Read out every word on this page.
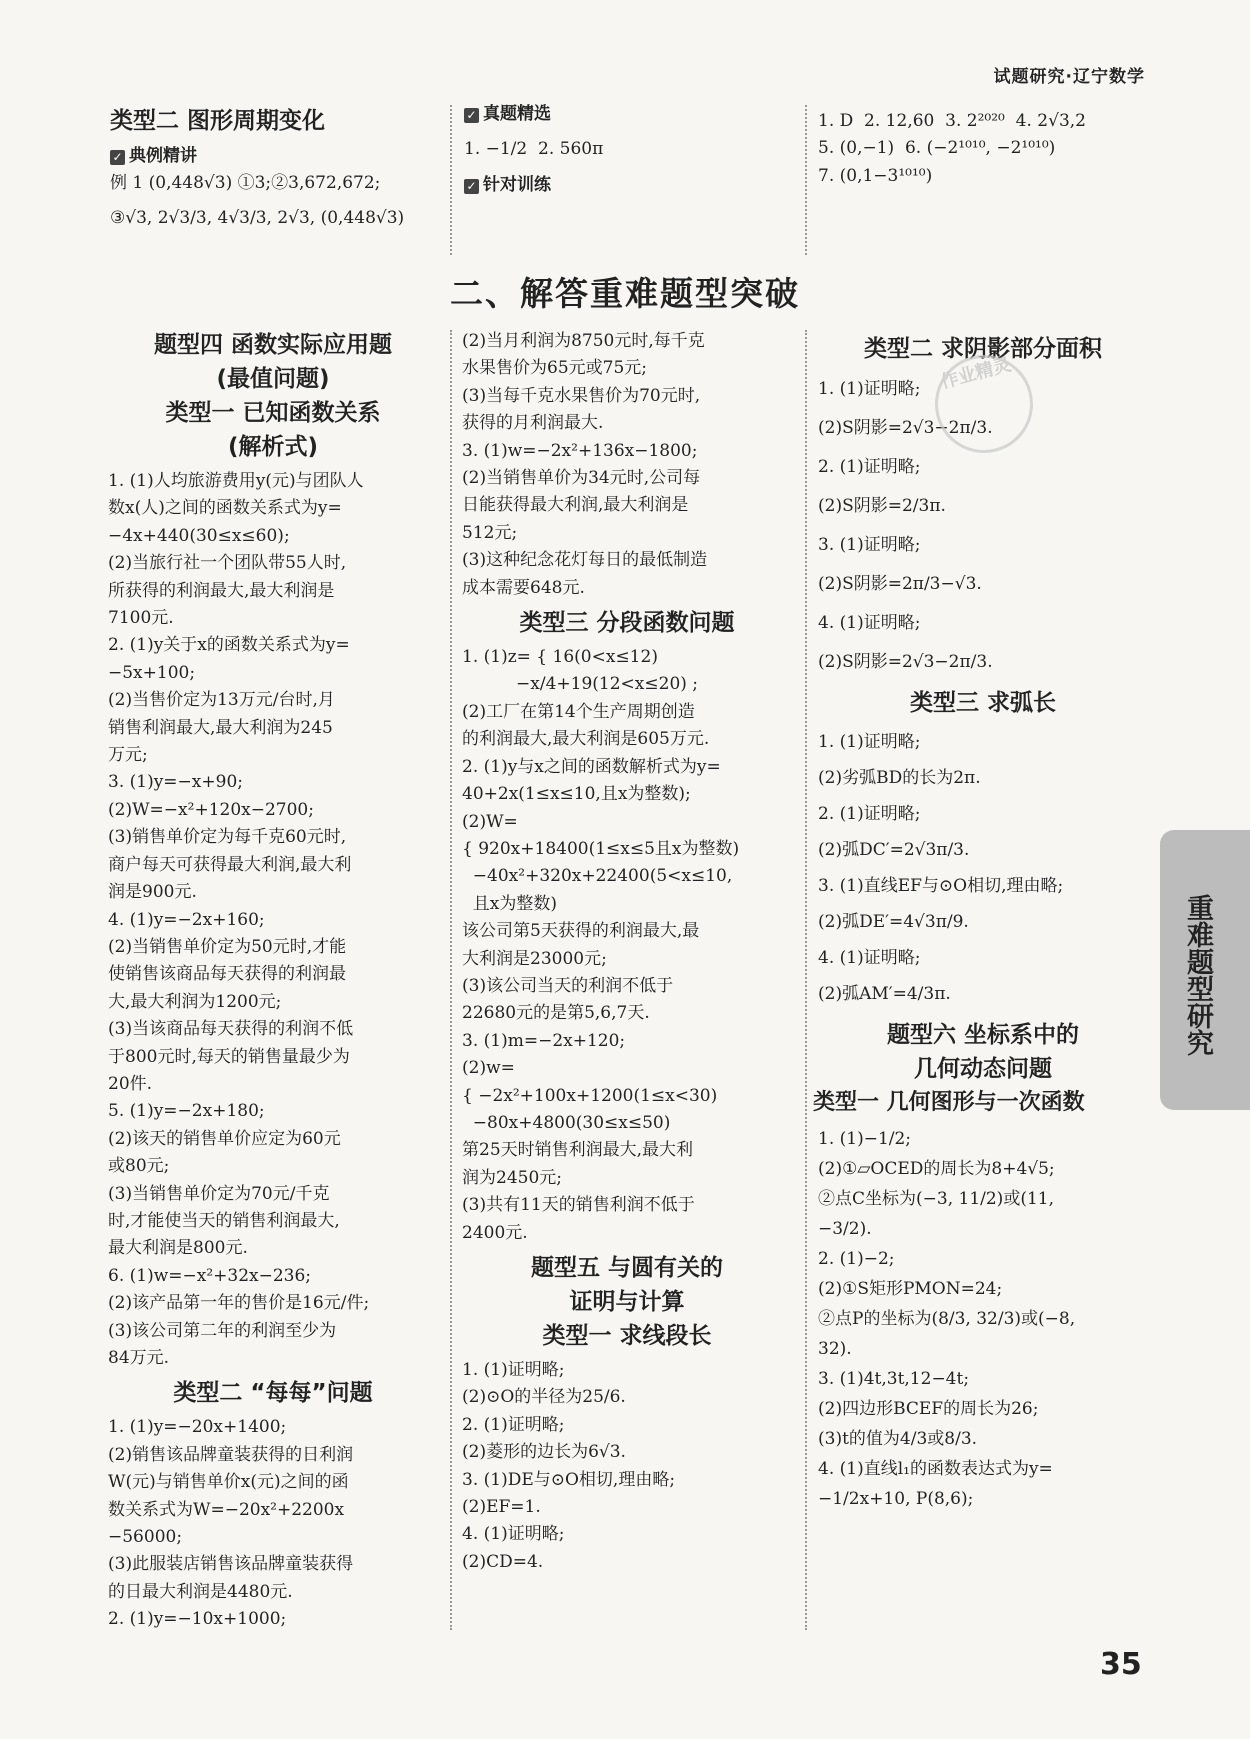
试题研究·辽宁数学
类型二 图形周期变化
✓ 典例精讲
例 1 (0,448√3) ①3;②3,672,672;
③√3, 2√3/3, 4√3/3, 2√3, (0,448√3)
✓ 真题精选
1. −1/2  2. 560π
✓ 针对训练
1. D  2. 12,60  3. 2²⁰²⁰  4. 2√3,2
5. (0,−1)  6. (−2¹⁰¹⁰, −2¹⁰¹⁰)
7. (0,1−3¹⁰¹⁰)
二、解答重难题型突破
题型四 函数实际应用题
(最值问题)
类型一 已知函数关系
(解析式)
1. (1)人均旅游费用y(元)与团队人
数x(人)之间的函数关系式为y=
−4x+440(30≤x≤60);
(2)当旅行社一个团队带55人时,
所获得的利润最大,最大利润是
7100元.
2. (1)y关于x的函数关系式为y=
−5x+100;
(2)当售价定为13万元/台时,月
销售利润最大,最大利润为245
万元;
3. (1)y=−x+90;
(2)W=−x²+120x−2700;
(3)销售单价定为每千克60元时,
商户每天可获得最大利润,最大利
润是900元.
4. (1)y=−2x+160;
(2)当销售单价定为50元时,才能
使销售该商品每天获得的利润最
大,最大利润为1200元;
(3)当该商品每天获得的利润不低
于800元时,每天的销售量最少为
20件.
5. (1)y=−2x+180;
(2)该天的销售单价应定为60元
或80元;
(3)当销售单价定为70元/千克
时,才能使当天的销售利润最大,
最大利润是800元.
6. (1)w=−x²+32x−236;
(2)该产品第一年的售价是16元/件;
(3)该公司第二年的利润至少为
84万元.
类型二 “每每”问题
1. (1)y=−20x+1400;
(2)销售该品牌童装获得的日利润
W(元)与销售单价x(元)之间的函
数关系式为W=−20x²+2200x
−56000;
(3)此服装店销售该品牌童装获得
的日最大利润是4480元.
2. (1)y=−10x+1000;
(2)当月利润为8750元时,每千克
水果售价为65元或75元;
(3)当每千克水果售价为70元时,
获得的月利润最大.
3. (1)w=−2x²+136x−1800;
(2)当销售单价为34元时,公司每
日能获得最大利润,最大利润是
512元;
(3)这种纪念花灯每日的最低制造
成本需要648元.
类型三 分段函数问题
1. (1)z= { 16(0<x≤12)
−x/4+19(12<x≤20) ;
(2)工厂在第14个生产周期创造
的利润最大,最大利润是605万元.
2. (1)y与x之间的函数解析式为y=
40+2x(1≤x≤10,且x为整数);
(2)W=
{ 920x+18400(1≤x≤5且x为整数)
−40x²+320x+22400(5<x≤10,
且x为整数)
该公司第5天获得的利润最大,最
大利润是23000元;
(3)该公司当天的利润不低于
22680元的是第5,6,7天.
3. (1)m=−2x+120;
(2)w=
{ −2x²+100x+1200(1≤x<30)
−80x+4800(30≤x≤50)
第25天时销售利润最大,最大利
润为2450元;
(3)共有11天的销售利润不低于
2400元.
题型五 与圆有关的
证明与计算
类型一 求线段长
1. (1)证明略;
(2)⊙O的半径为25/6.
2. (1)证明略;
(2)菱形的边长为6√3.
3. (1)DE与⊙O相切,理由略;
(2)EF=1.
4. (1)证明略;
(2)CD=4.
类型二 求阴影部分面积
1. (1)证明略;
(2)S阴影=2√3−2π/3.
2. (1)证明略;
(2)S阴影=2/3π.
3. (1)证明略;
(2)S阴影=2π/3−√3.
4. (1)证明略;
(2)S阴影=2√3−2π/3.
类型三 求弧长
1. (1)证明略;
(2)劣弧BD的长为2π.
2. (1)证明略;
(2)弧DC′=2√3π/3.
3. (1)直线EF与⊙O相切,理由略;
(2)弧DE′=4√3π/9.
4. (1)证明略;
(2)弧AM′=4/3π.
题型六 坐标系中的
几何动态问题
类型一 几何图形与一次函数
1. (1)−1/2;
(2)①▱OCED的周长为8+4√5;
②点C坐标为(−3, 11/2)或(11,
−3/2).
2. (1)−2;
(2)①S矩形PMON=24;
②点P的坐标为(8/3, 32/3)或(−8,
32).
3. (1)4t,3t,12−4t;
(2)四边形BCEF的周长为26;
(3)t的值为4/3或8/3.
4. (1)直线l₁的函数表达式为y=
−1/2x+10, P(8,6);
作业精灵
重难题型研究
35
